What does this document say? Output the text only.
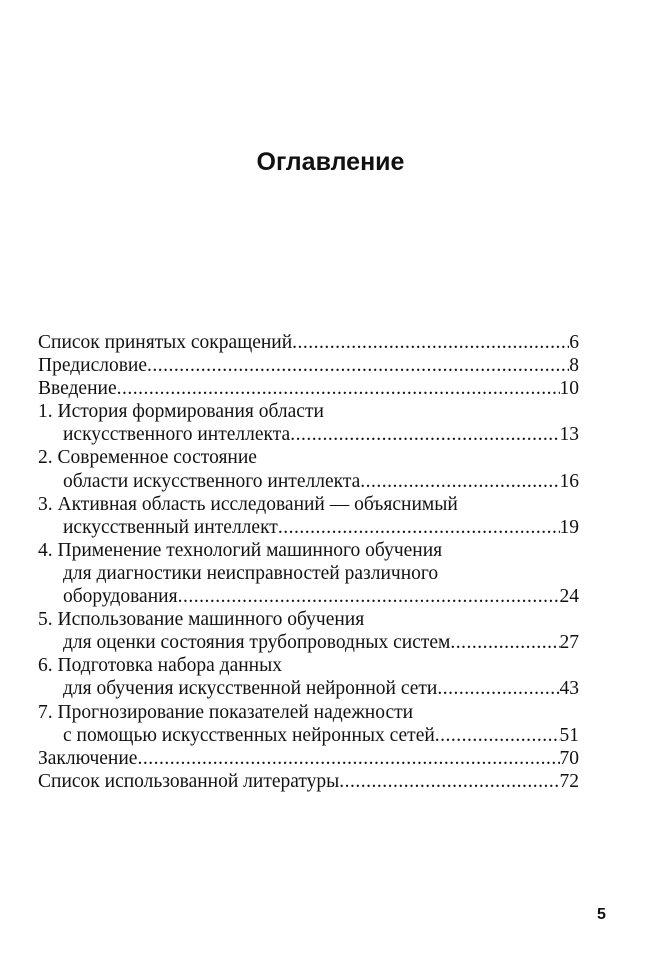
Оглавление
Список принятых сокращений .....	6
Предисловие .....	8
Введение .....	10
1. История формирования области
искусственного интеллекта .....	13
2. Современное состояние
области искусственного интеллекта .....	16
3. Активная область исследований — объяснимый
искусственный интеллект .....	19
4. Применение технологий машинного обучения
для диагностики неисправностей различного
оборудования .....	24
5. Использование машинного обучения
для оценки состояния трубопроводных систем .....	27
6. Подготовка набора данных
для обучения искусственной нейронной сети .....	43
7. Прогнозирование показателей надежности
с помощью искусственных нейронных сетей .....	51
Заключение .....	70
Список использованной литературы .....	72
5
